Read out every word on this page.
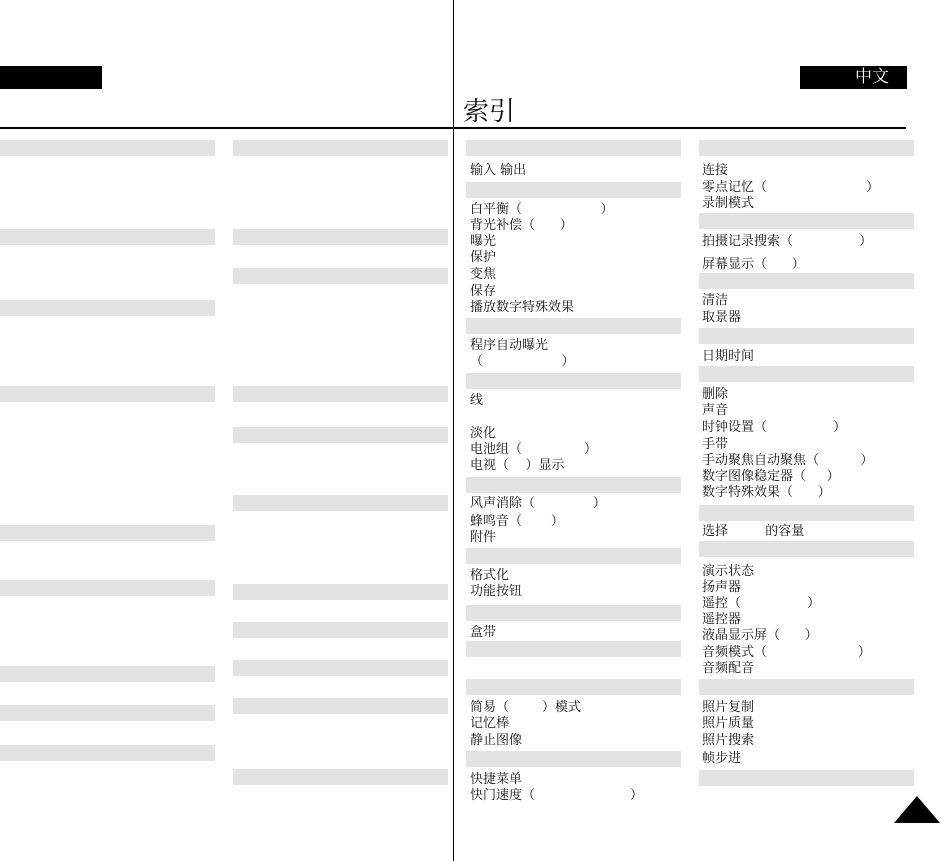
中文
索引
输入 输出
白平衡（                   ）
背光补偿（      ）
曝光
保护
变焦
保存
播放数字特殊效果
程序自动曝光
（                   ）
线
淡化
电池组（               ）
电视（    ）显示
风声消除（              ）
蜂鸣音（       ）
附件
格式化
功能按钮
盒带
简易（        ）模式
记忆棒
静止图像
快捷菜单
快门速度（                       ）
连接
零点记忆（                        ）
录制模式
拍摄记录搜索（                ）
屏幕显示（      ）
清洁
取景器
日期时间
删除
声音
时钟设置（                ）
手带
手动聚焦自动聚焦（          ）
数字图像稳定器（     ）
数字特殊效果（      ）
选择         的容量
演示状态
扬声器
遥控（                ）
遥控器
液晶显示屏（      ）
音频模式（                      ）
音频配音
照片复制
照片质量
照片搜索
帧步进
